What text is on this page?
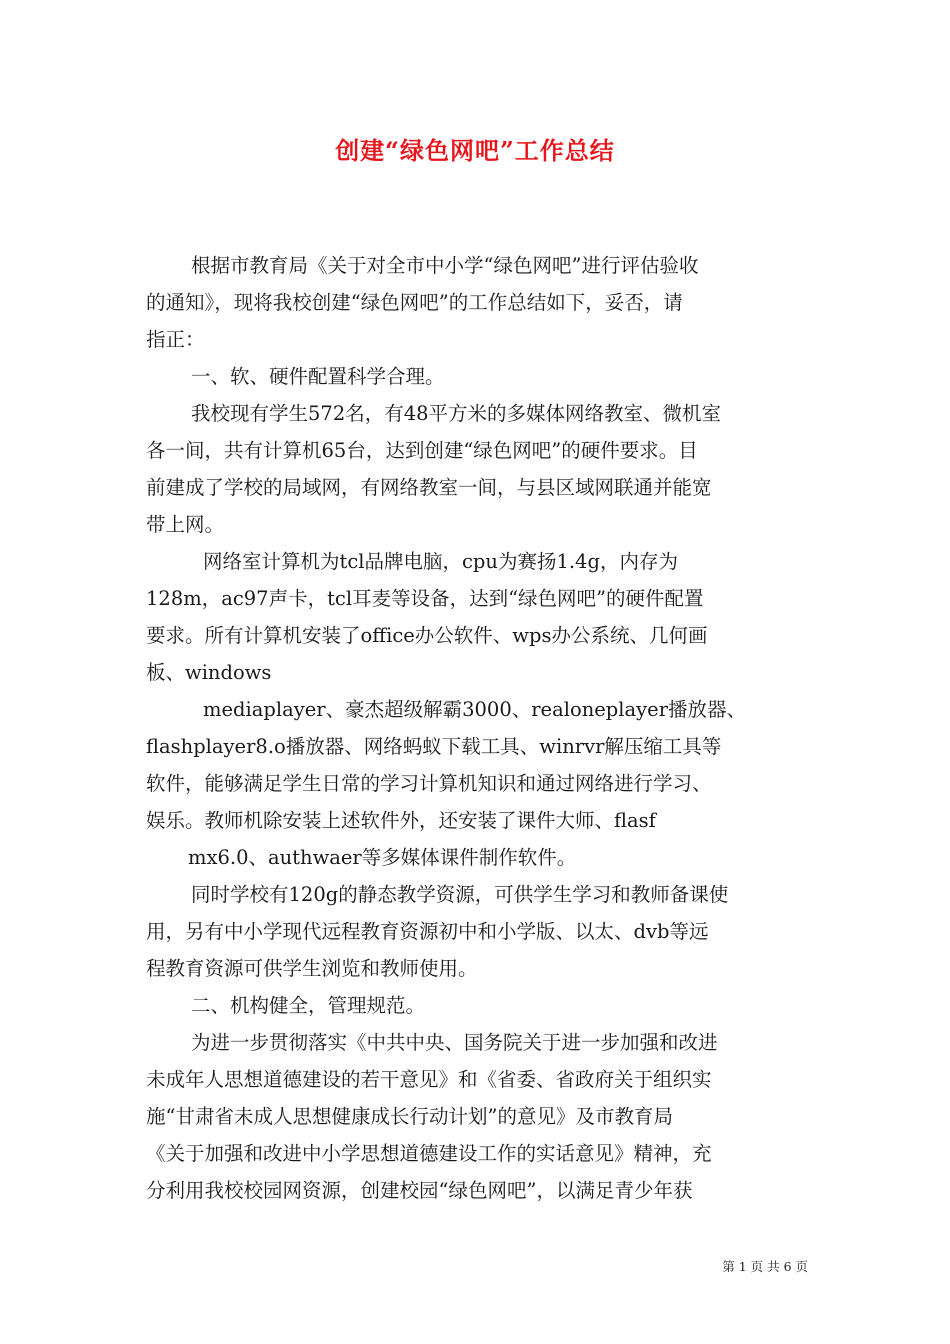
创建“绿色网吧”工作总结
根据市教育局《关于对全市中小学“绿色网吧”进行评估验收
的通知》，现将我校创建“绿色网吧”的工作总结如下，妥否，请
指正：
一、软、硬件配置科学合理。
我校现有学生572名，有48平方米的多媒体网络教室、微机室
各一间，共有计算机65台，达到创建“绿色网吧”的硬件要求。目
前建成了学校的局域网，有网络教室一间，与县区域网联通并能宽
带上网。
网络室计算机为tcl品牌电脑，cpu为赛扬1.4g，内存为
128m，ac97声卡，tcl耳麦等设备，达到“绿色网吧”的硬件配置
要求。所有计算机安装了office办公软件、wps办公系统、几何画
板、windows
mediaplayer、豪杰超级解霸3000、realoneplayer播放器、
flashplayer8.o播放器、网络蚂蚁下载工具、winrvr解压缩工具等
软件，能够满足学生日常的学习计算机知识和通过网络进行学习、
娱乐。教师机除安装上述软件外，还安装了课件大师、flasf
mx6.0、authwaer等多媒体课件制作软件。
同时学校有120g的静态教学资源，可供学生学习和教师备课使
用，另有中小学现代远程教育资源初中和小学版、以太、dvb等远
程教育资源可供学生浏览和教师使用。
二、机构健全，管理规范。
为进一步贯彻落实《中共中央、国务院关于进一步加强和改进
未成年人思想道德建设的若干意见》和《省委、省政府关于组织实
施“甘肃省未成人思想健康成长行动计划”的意见》及市教育局
《关于加强和改进中小学思想道德建设工作的实话意见》精神，充
分利用我校校园网资源，创建校园“绿色网吧”，以满足青少年获
第 1 页 共 6 页
